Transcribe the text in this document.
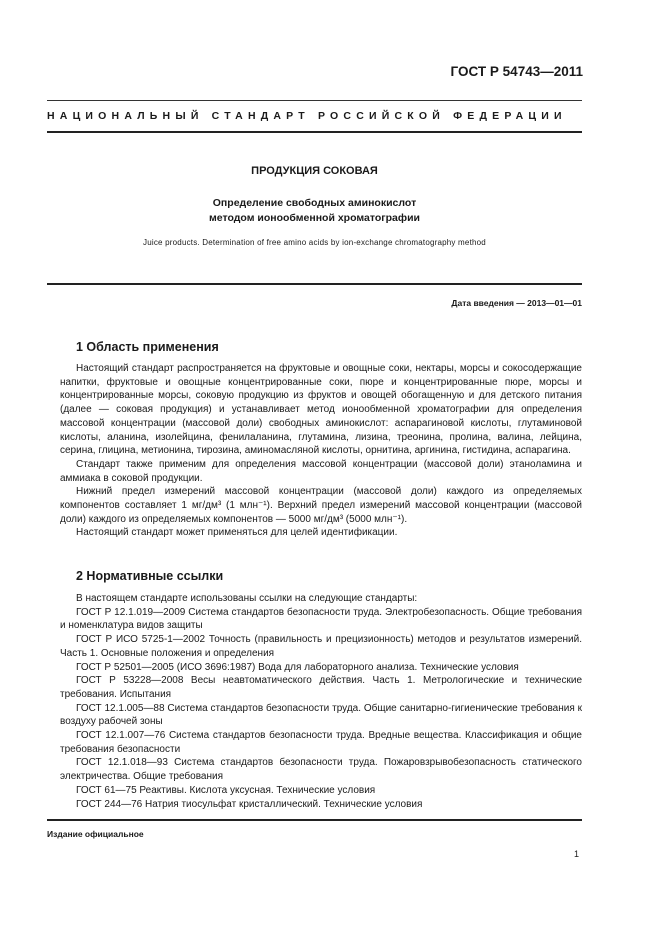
ГОСТ Р 54743—2011
НАЦИОНАЛЬНЫЙ СТАНДАРТ РОССИЙСКОЙ ФЕДЕРАЦИИ
ПРОДУКЦИЯ СОКОВАЯ
Определение свободных аминокислот
методом ионообменной хроматографии
Juice products. Determination of free amino acids by ion-exchange chromatography method
Дата введения — 2013—01—01
1 Область применения

Настоящий стандарт распространяется на фруктовые и овощные соки, нектары, морсы и сокосодержащие напитки, фруктовые и овощные концентрированные соки, пюре и концентрированные пюре, морсы и концентрированные морсы, соковую продукцию из фруктов и овощей обогащенную и для детского питания (далее — соковая продукция) и устанавливает метод ионообменной хроматографии для определения массовой концентрации (массовой доли) свободных аминокислот: аспарагиновой кислоты, глутаминовой кислоты, аланина, изолейцина, фенилаланина, глутамина, лизина, треонина, пролина, валина, лейцина, серина, глицина, метионина, тирозина, аминомасляной кислоты, орнитина, аргинина, гистидина, аспарагина.

Стандарт также применим для определения массовой концентрации (массовой доли) этаноламина и аммиака в соковой продукции.

Нижний предел измерений массовой концентрации (массовой доли) каждого из определяемых компонентов составляет 1 мг/дм³ (1 млн⁻¹). Верхний предел измерений массовой концентрации (массовой доли) каждого из определяемых компонентов — 5000 мг/дм³ (5000 млн⁻¹).

Настоящий стандарт может применяться для целей идентификации.

2 Нормативные ссылки

В настоящем стандарте использованы ссылки на следующие стандарты:

ГОСТ Р 12.1.019—2009 Система стандартов безопасности труда. Электробезопасность. Общие требования и номенклатура видов защиты

ГОСТ Р ИСО 5725-1—2002 Точность (правильность и прецизионность) методов и результатов измерений. Часть 1. Основные положения и определения

ГОСТ Р 52501—2005 (ИСО 3696:1987) Вода для лабораторного анализа. Технические условия

ГОСТ Р 53228—2008 Весы неавтоматического действия. Часть 1. Метрологические и технические требования. Испытания

ГОСТ 12.1.005—88 Система стандартов безопасности труда. Общие санитарно-гигиенические требования к воздуху рабочей зоны

ГОСТ 12.1.007—76 Система стандартов безопасности труда. Вредные вещества. Классификация и общие требования безопасности

ГОСТ 12.1.018—93 Система стандартов безопасности труда. Пожаровзрывобезопасность статического электричества. Общие требования

ГОСТ 61—75 Реактивы. Кислота уксусная. Технические условия

ГОСТ 244—76 Натрия тиосульфат кристаллический. Технические условия

Издание официальное
1
